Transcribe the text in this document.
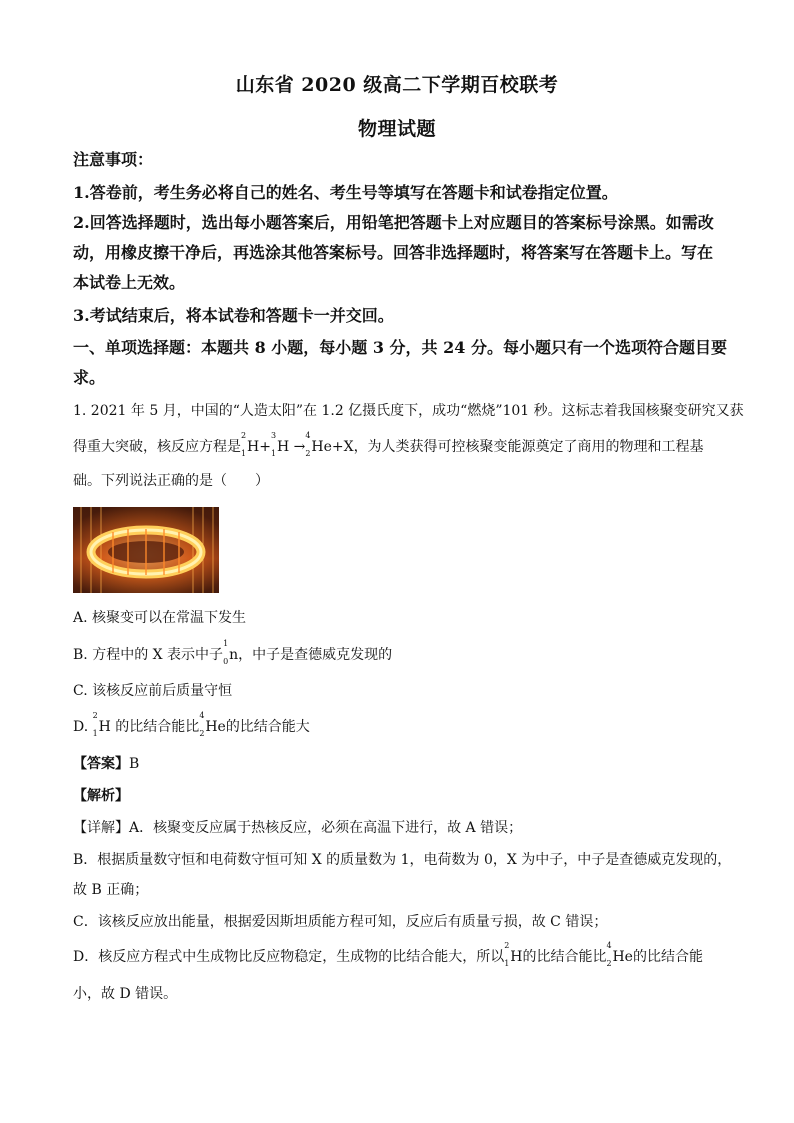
山东省 2020 级高二下学期百校联考
物理试题
注意事项：
1.答卷前，考生务必将自己的姓名、考生号等填写在答题卡和试卷指定位置。
2.回答选择题时，选出每小题答案后，用铅笔把答题卡上对应题目的答案标号涂黑。如需改
动，用橡皮擦干净后，再选涂其他答案标号。回答非选择题时，将答案写在答题卡上。写在
本试卷上无效。
3.考试结束后，将本试卷和答题卡一并交回。
一、单项选择题：本题共 8 小题，每小题 3 分，共 24 分。每小题只有一个选项符合题目要
求。
1. 2021 年 5 月，中国的“人造太阳”在 1.2 亿摄氏度下，成功“燃烧”101 秒。这标志着我国核聚变研究又获
得重大突破，核反应方程是
2
1 H+
3
1 H →
4
2 He+X，为人类获得可控核聚变能源奠定了商用的物理和工程基
础。下列说法正确的是（　　）
A. 核聚变可以在常温下发生
B. 方程中的 X 表示中子
1
0 n，中子是查德威克发现的
C. 该核反应前后质量守恒
D.
2
1 H 的比结合能比
4
2 He的比结合能大
【答案】B
【解析】
【详解】A．核聚变反应属于热核反应，必须在高温下进行，故 A 错误；
B．根据质量数守恒和电荷数守恒可知 X 的质量数为 1，电荷数为 0，X 为中子，中子是查德威克发现的，
故 B 正确；
C．该核反应放出能量，根据爱因斯坦质能方程可知，反应后有质量亏损，故 C 错误；
D．核反应方程式中生成物比反应物稳定，生成物的比结合能大，所以
2
1 H的比结合能比
4
2 He的比结合能
小，故 D 错误。
